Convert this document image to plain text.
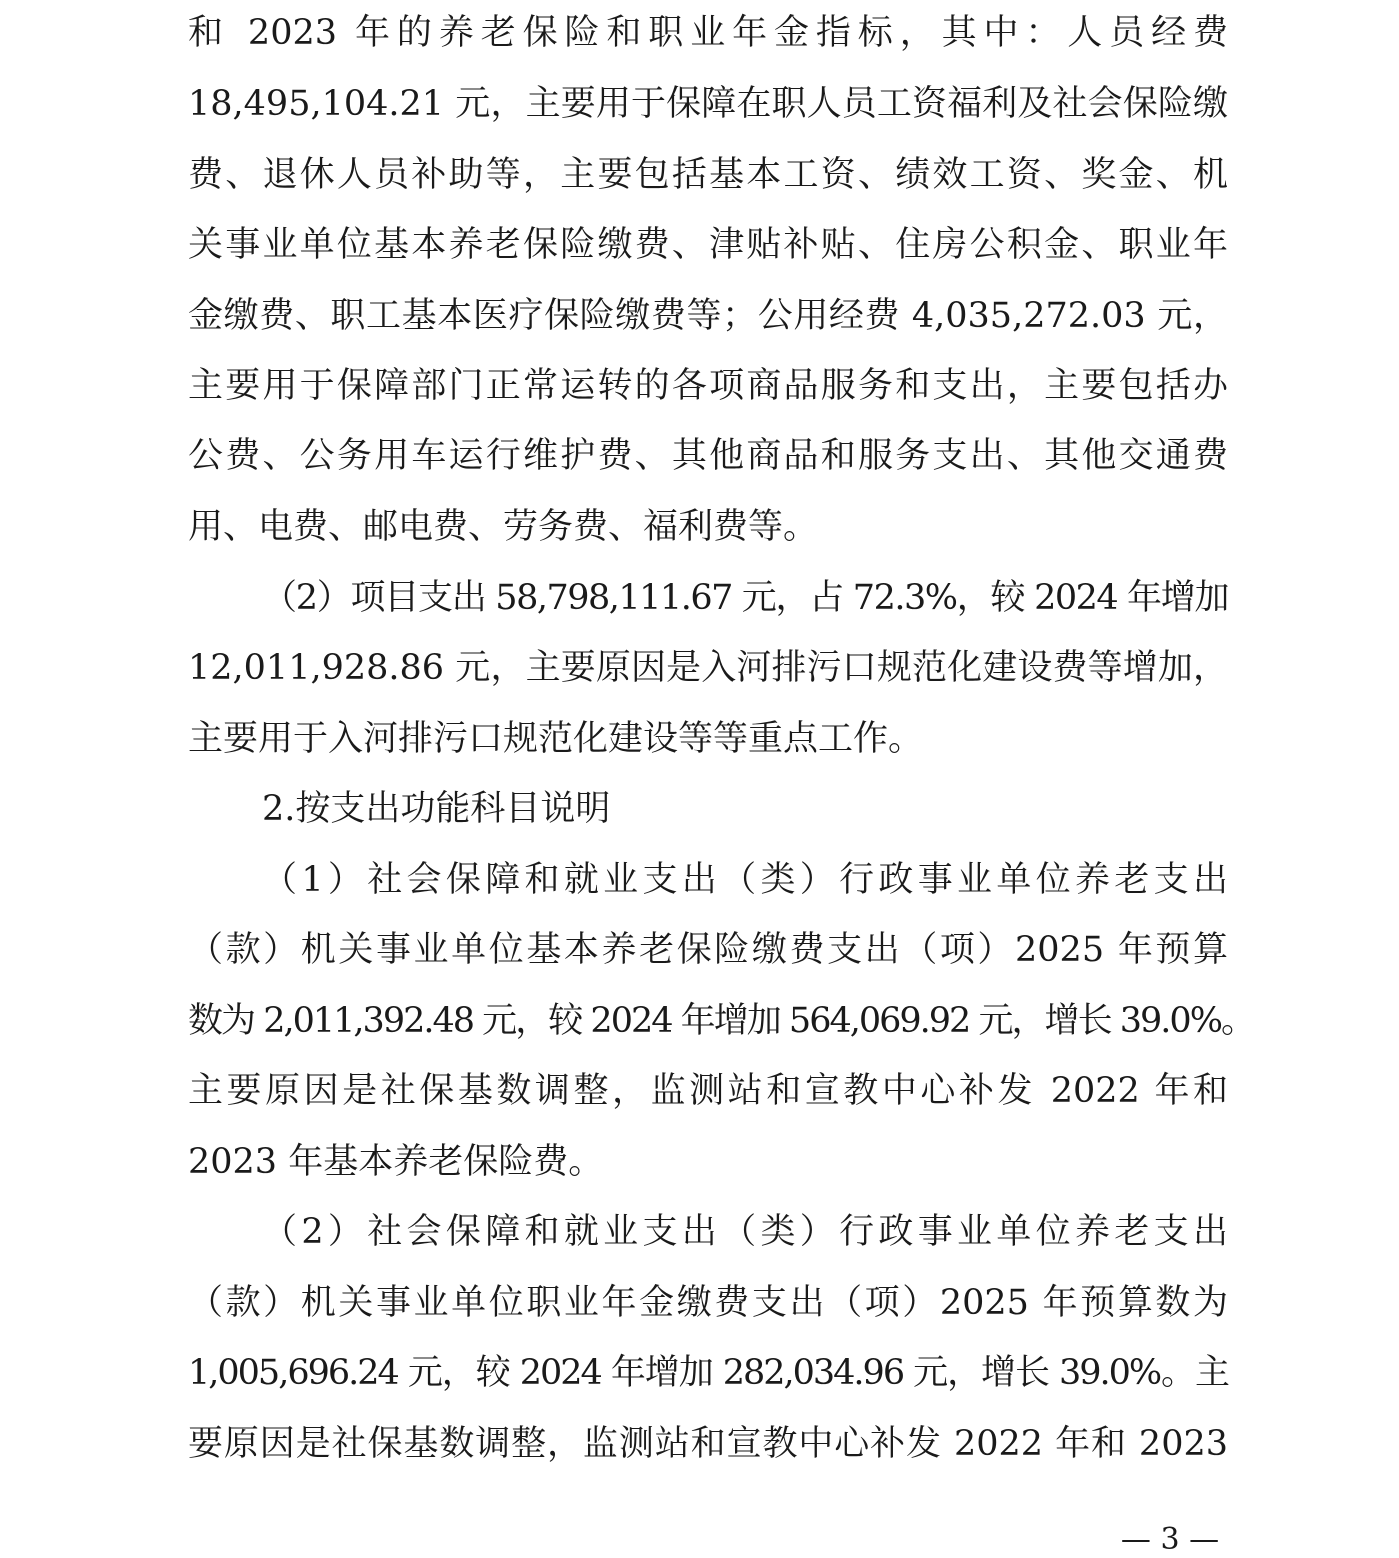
和 2023 年的养老保险和职业年金指标，其中：人员经费
18,495,104.21 元，主要用于保障在职人员工资福利及社会保险缴
费、退休人员补助等，主要包括基本工资、绩效工资、奖金、机
关事业单位基本养老保险缴费、津贴补贴、住房公积金、职业年
金缴费、职工基本医疗保险缴费等；公用经费 4,035,272.03 元，
主要用于保障部门正常运转的各项商品服务和支出，主要包括办
公费、公务用车运行维护费、其他商品和服务支出、其他交通费
用、电费、邮电费、劳务费、福利费等。
（2）项目支出 58,798,111.67 元，占 72.3%，较 2024 年增加
12,011,928.86 元，主要原因是入河排污口规范化建设费等增加，
主要用于入河排污口规范化建设等等重点工作。
2.按支出功能科目说明
（1）社会保障和就业支出（类）行政事业单位养老支出
（款）机关事业单位基本养老保险缴费支出（项）2025 年预算
数为 2,011,392.48 元，较 2024 年增加 564,069.92 元，增长 39.0%。
主要原因是社保基数调整，监测站和宣教中心补发 2022 年和
2023 年基本养老保险费。
（2）社会保障和就业支出（类）行政事业单位养老支出
（款）机关事业单位职业年金缴费支出（项）2025 年预算数为
1,005,696.24 元，较 2024 年增加 282,034.96 元，增长 39.0%。主
要原因是社保基数调整，监测站和宣教中心补发 2022 年和 2023
— 3 —
